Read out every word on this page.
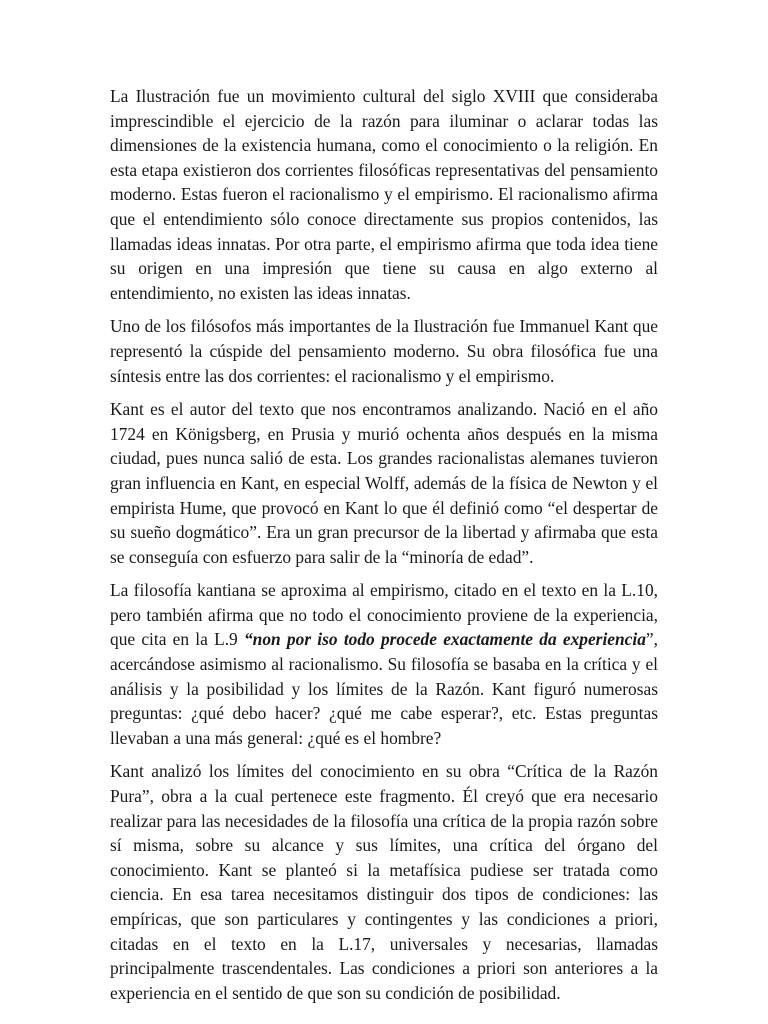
La Ilustración fue un movimiento cultural del siglo XVIII que consideraba imprescindible el ejercicio de la razón para iluminar o aclarar todas las dimensiones de la existencia humana, como el conocimiento o la religión. En esta etapa existieron dos corrientes filosóficas representativas del pensamiento moderno. Estas fueron el racionalismo y el empirismo. El racionalismo afirma que el entendimiento sólo conoce directamente sus propios contenidos, las llamadas ideas innatas. Por otra parte, el empirismo afirma que toda idea tiene su origen en una impresión que tiene su causa en algo externo al entendimiento, no existen las ideas innatas.

Uno de los filósofos más importantes de la Ilustración fue Immanuel Kant que representó la cúspide del pensamiento moderno. Su obra filosófica fue una síntesis entre las dos corrientes: el racionalismo y el empirismo.

Kant es el autor del texto que nos encontramos analizando. Nació en el año 1724 en Königsberg, en Prusia y murió ochenta años después en la misma ciudad, pues nunca salió de esta. Los grandes racionalistas alemanes tuvieron gran influencia en Kant, en especial Wolff, además de la física de Newton y el empirista Hume, que provocó en Kant lo que él definió como “el despertar de su sueño dogmático”. Era un gran precursor de la libertad y afirmaba que esta se conseguía con esfuerzo para salir de la “minoría de edad”.

La filosofía kantiana se aproxima al empirismo, citado en el texto en la L.10, pero también afirma que no todo el conocimiento proviene de la experiencia, que cita en la L.9 “non por iso todo procede exactamente da experiencia”, acercándose asimismo al racionalismo. Su filosofía se basaba en la crítica y el análisis y la posibilidad y los límites de la Razón. Kant figuró numerosas preguntas: ¿qué debo hacer? ¿qué me cabe esperar?, etc. Estas preguntas llevaban a una más general: ¿qué es el hombre?

Kant analizó los límites del conocimiento en su obra “Crítica de la Razón Pura”, obra a la cual pertenece este fragmento. Él creyó que era necesario realizar para las necesidades de la filosofía una crítica de la propia razón sobre sí misma, sobre su alcance y sus límites, una crítica del órgano del conocimiento. Kant se planteó si la metafísica pudiese ser tratada como ciencia. En esa tarea necesitamos distinguir dos tipos de condiciones: las empíricas, que son particulares y contingentes y las condiciones a priori, citadas en el texto en la L.17, universales y necesarias, llamadas principalmente trascendentales. Las condiciones a priori son anteriores a la experiencia en el sentido de que son su condición de posibilidad.
